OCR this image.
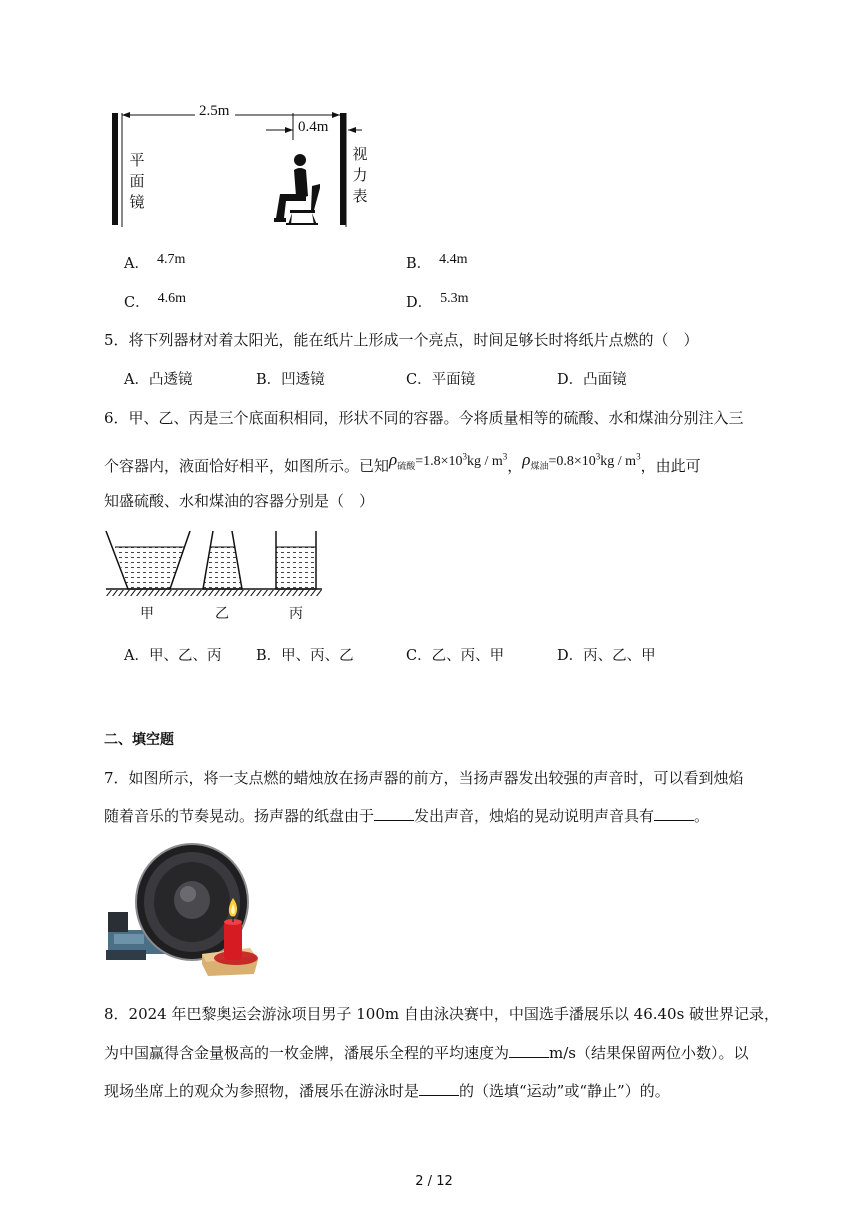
2.5m
0.4m
平
面
镜
视
力
表
A． 4.7m	B． 4.4m
C． 4.6m	D． 5.3m
5．将下列器材对着太阳光，能在纸片上形成一个亮点，时间足够长时将纸片点燃的（　）
A．凸透镜	B．凹透镜	C．平面镜	D．凸面镜
6．甲、乙、丙是三个底面积相同，形状不同的容器。今将质量相等的硫酸、水和煤油分别注入三
个容器内，液面恰好相平，如图所示。已知$\rho_{硫酸}=1.8\times 10^3kg / m^3$，$\rho_{煤油}=0.8\times 10^3kg / m^3$，由此可
知盛硫酸、水和煤油的容器分别是（　）
甲	乙	丙
A．甲、乙、丙 B．甲、丙、乙	C．乙、丙、甲	D．丙、乙、甲
二、填空题
7．如图所示，将一支点燃的蜡烛放在扬声器的前方，当扬声器发出较强的声音时，可以看到烛焰
随着音乐的节奏晃动。扬声器的纸盘由于	发出声音，烛焰的晃动说明声音具有	。
8．2024 年巴黎奥运会游泳项目男子 100m 自由泳决赛中，中国选手潘展乐以 46.40s 破世界记录，
为中国赢得含金量极高的一枚金牌，潘展乐全程的平均速度为	m/s（结果保留两位小数）。以
现场坐席上的观众为参照物，潘展乐在游泳时是	的（选填“运动”或“静止”）的。
2 / 12
